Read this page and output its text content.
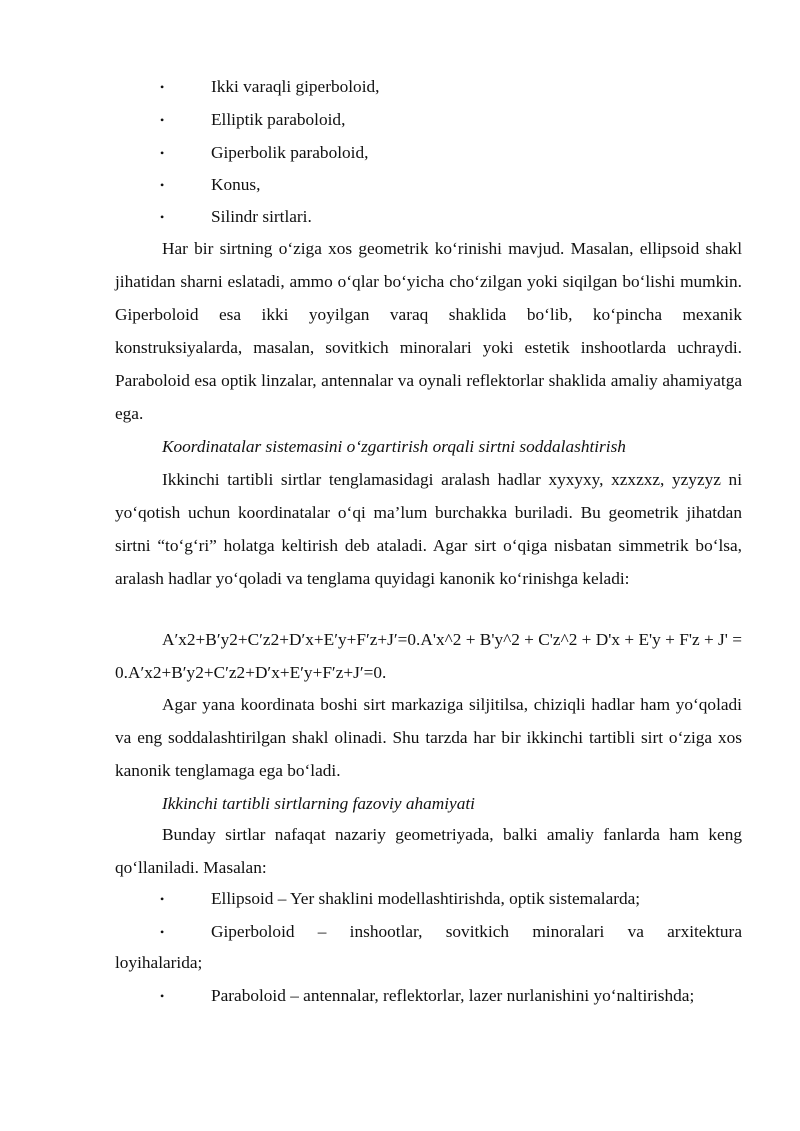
•	Ikki varaqli giperboloid,
•	Elliptik paraboloid,
•	Giperbolik paraboloid,
•	Konus,
•	Silindr sirtlari.

Har bir sirtning o‘ziga xos geometrik ko‘rinishi mavjud. Masalan, ellipsoid shakl jihatidan sharni eslatadi, ammo o‘qlar bo‘yicha cho‘zilgan yoki siqilgan bo‘lishi mumkin. Giperboloid esa ikki yoyilgan varaq shaklida bo‘lib, ko‘pincha mexanik konstruksiyalarda, masalan, sovitkich minoralari yoki estetik inshootlarda uchraydi. Paraboloid esa optik linzalar, antennalar va oynali reflektorlar shaklida amaliy ahamiyatga ega.

Koordinatalar sistemasini o‘zgartirish orqali sirtni soddalashtirish

Ikkinchi tartibli sirtlar tenglamasidagi aralash hadlar xyxyxy, xzxzxz, yzyzyz ni yo‘qotish uchun koordinatalar o‘qi ma’lum burchakka buriladi. Bu geometrik jihatdan sirtni “to‘g‘ri” holatga keltirish deb ataladi. Agar sirt o‘qiga nisbatan simmetrik bo‘lsa, aralash hadlar yo‘qoladi va tenglama quyidagi kanonik ko‘rinishga keladi:

A′x2+B′y2+C′z2+D′x+E′y+F′z+J′=0.A'x^2 + B'y^2 + C'z^2 + D'x + E'y + F'z + J' = 0.A′x2+B′y2+C′z2+D′x+E′y+F′z+J′=0.

Agar yana koordinata boshi sirt markaziga siljitilsa, chiziqli hadlar ham yo‘qoladi va eng soddalashtirilgan shakl olinadi. Shu tarzda har bir ikkinchi tartibli sirt o‘ziga xos kanonik tenglamaga ega bo‘ladi.

Ikkinchi tartibli sirtlarning fazoviy ahamiyati

Bunday sirtlar nafaqat nazariy geometriyada, balki amaliy fanlarda ham keng qo‘llaniladi. Masalan:

•	Ellipsoid – Yer shaklini modellashtirishda, optik sistemalarda;
•	Giperboloid – inshootlar, sovitkich minoralari va arxitektura
loyihalarida;
•	Paraboloid – antennalar, reflektorlar, lazer nurlanishini yo‘naltirishda;
